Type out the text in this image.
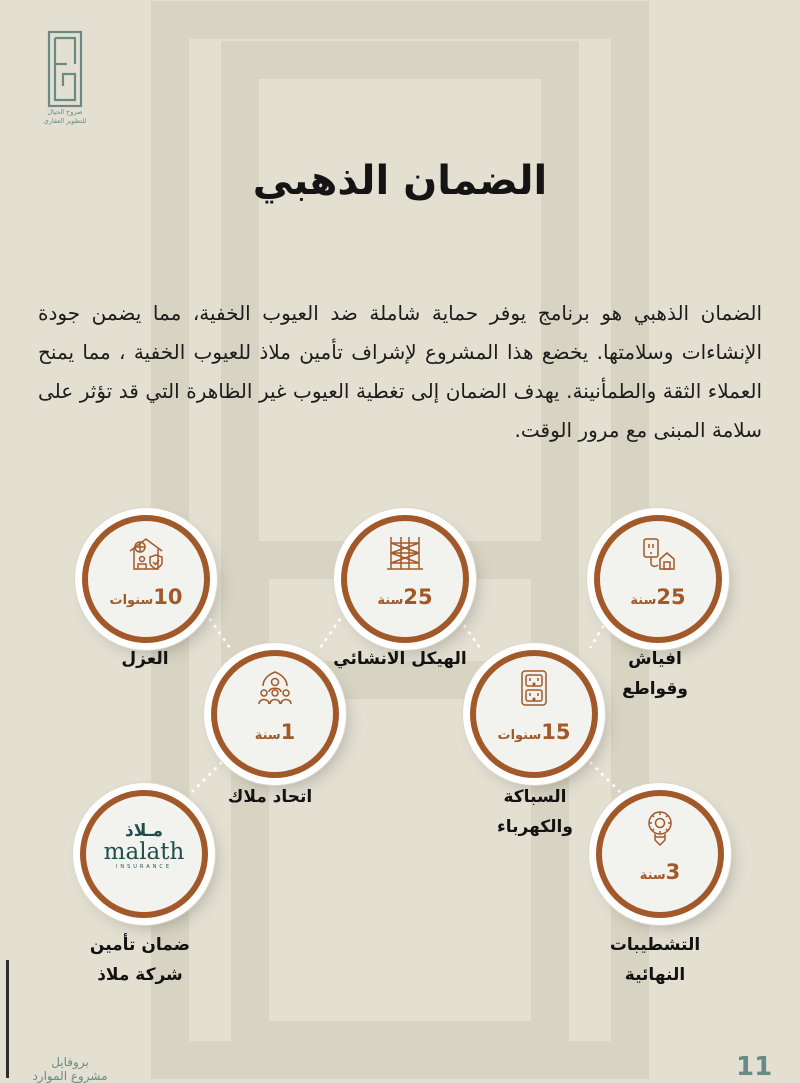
صروح الحيال
للتطوير العقاري
الضمان الذهبي
الضمان الذهبي هو برنامج يوفر حماية شاملة ضد العيوب الخفية، مما يضمن جودة الإنشاءات وسلامتها. يخضع هذا المشروع لإشراف تأمين ملاذ للعيوب الخفية ، مما يمنح العملاء الثقة والطمأنينة. يهدف الضمان إلى تغطية العيوب غير الظاهرة التي قد تؤثر على سلامة المبنى مع مرور الوقت.
10سنوات
العزل
25سنة
الهيكل الانشائي
25سنة
افياش وقواطع
1سنة
اتحاد ملاك
15سنوات
السباكة والكهرباء
3سنة
التشطيبات النهائية
مـلاذ
malath
INSURANCE
ضمان تأمين شركة ملاذ
بروفايل
مشروع الموارد	11
